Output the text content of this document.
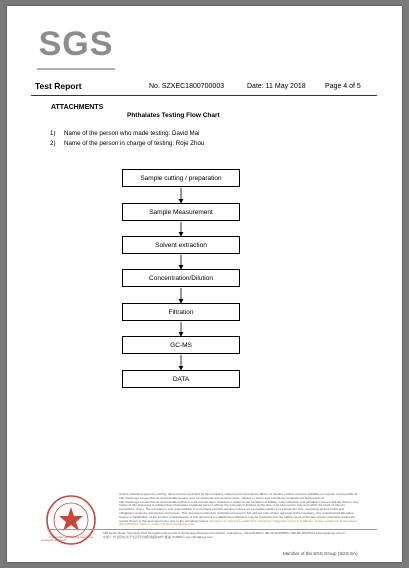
SGS
Test Report	No. SZXEC1800700003	Date: 11 May 2018	Page 4 of 5
ATTACHMENTS
Phthalates Testing Flow Chart
1) Name of the person who made testing: David Mai
2) Name of the person in charge of testing: Roje Zhou
Sample cutting / preparation
Sample Measurement
Solvent extraction
Concentration/Dilution
Filtration
GC-MS
DATA
Inspection & Testing Services
Guangzhou Branch
Unless otherwise agreed in writing, this document is issued by the Company subject to its General Conditions of Service printed overleaf, available on request or accessible at http://www.sgs.com/en/Terms-and-Conditions.aspx and, for electronic format documents, subject to Terms and Conditions for Electronic Documents at http://www.sgs.com/en/Terms-and-Conditions/Terms-e-Document.aspx. Attention is drawn to the limitation of liability, indemnification and jurisdiction issues defined therein. Any holder of this document is advised that information contained hereon reflects the Company's findings at the time of its intervention only and within the limits of Client's instructions, if any. The Company's sole responsibility is to its Client and this document does not exonerate parties to a transaction from exercising all their rights and obligations under the transaction documents. This document cannot be reproduced except in full, without prior written approval of the Company. Any unauthorized alteration, forgery or falsification of the content or appearance of this document is unlawful and offenders may be prosecuted to the fullest extent of the law. Unless otherwise stated the results shown in this test report refer only to the sample(s) tested. Attention: To check the authenticity of testing / inspection report & certificate, please contact us at telephone: (86-755) 8307 1443, or email: CN.Doccheck@sgs.com
198 Kezhu Road, Scientech Park Guangzhou Economic & Technology Development District, Guangzhou, China 510663 t (86-20) 82155555 f (86-20) 82075113 www.sgsgroup.com.cn
中国·广州·经济技术开发区科学城科珠路198号 邮编: 510663 e sgs.china@sgs.com
Member of the SGS Group (SGS SA)
